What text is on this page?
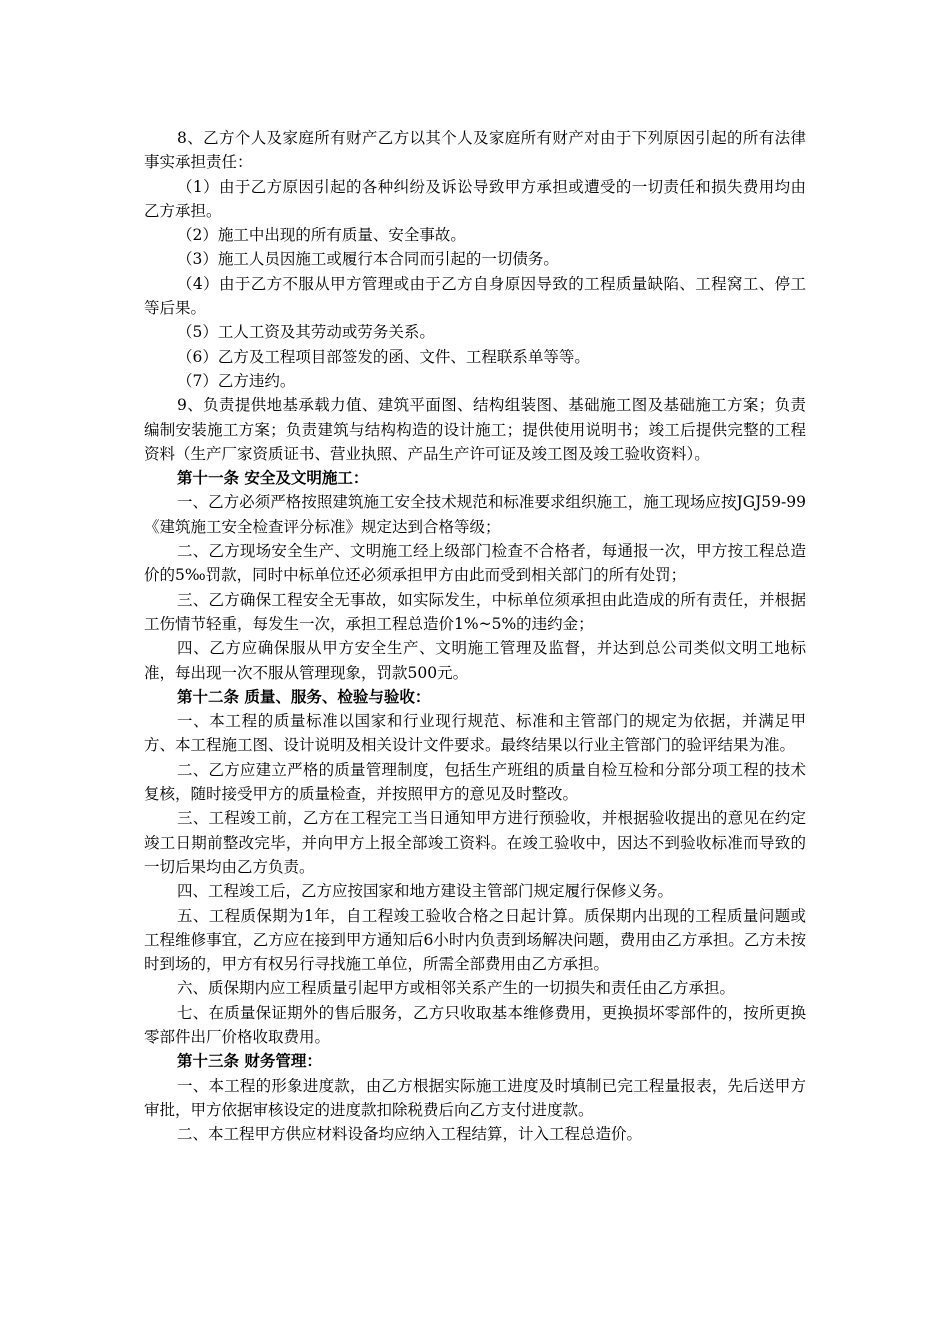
8、乙方个人及家庭所有财产乙方以其个人及家庭所有财产对由于下列原因引起的所有法律事实承担责任：

（1）由于乙方原因引起的各种纠纷及诉讼导致甲方承担或遭受的一切责任和损失费用均由乙方承担。

（2）施工中出现的所有质量、安全事故。

（3）施工人员因施工或履行本合同而引起的一切债务。

（4）由于乙方不服从甲方管理或由于乙方自身原因导致的工程质量缺陷、工程窝工、停工等后果。

（5）工人工资及其劳动或劳务关系。

（6）乙方及工程项目部签发的函、文件、工程联系单等等。

（7）乙方违约。

9、负责提供地基承载力值、建筑平面图、结构组装图、基础施工图及基础施工方案；负责编制安装施工方案；负责建筑与结构构造的设计施工；提供使用说明书；竣工后提供完整的工程资料（生产厂家资质证书、营业执照、产品生产许可证及竣工图及竣工验收资料）。

第十一条 安全及文明施工：

一、乙方必须严格按照建筑施工安全技术规范和标准要求组织施工，施工现场应按JGJ59-99《建筑施工安全检查评分标准》规定达到合格等级；

二、乙方现场安全生产、文明施工经上级部门检查不合格者，每通报一次，甲方按工程总造价的5‰罚款，同时中标单位还必须承担甲方由此而受到相关部门的所有处罚；

三、乙方确保工程安全无事故，如实际发生，中标单位须承担由此造成的所有责任，并根据工伤情节轻重，每发生一次，承担工程总造价1%~5%的违约金；

四、乙方应确保服从甲方安全生产、文明施工管理及监督，并达到总公司类似文明工地标准，每出现一次不服从管理现象，罚款500元。

第十二条 质量、服务、检验与验收：

一、本工程的质量标准以国家和行业现行规范、标准和主管部门的规定为依据，并满足甲方、本工程施工图、设计说明及相关设计文件要求。最终结果以行业主管部门的验评结果为准。

二、乙方应建立严格的质量管理制度，包括生产班组的质量自检互检和分部分项工程的技术复核，随时接受甲方的质量检查，并按照甲方的意见及时整改。

三、工程竣工前，乙方在工程完工当日通知甲方进行预验收，并根据验收提出的意见在约定竣工日期前整改完毕，并向甲方上报全部竣工资料。在竣工验收中，因达不到验收标准而导致的一切后果均由乙方负责。

四、工程竣工后，乙方应按国家和地方建设主管部门规定履行保修义务。

五、工程质保期为1年，自工程竣工验收合格之日起计算。质保期内出现的工程质量问题或工程维修事宜，乙方应在接到甲方通知后6小时内负责到场解决问题，费用由乙方承担。乙方未按时到场的，甲方有权另行寻找施工单位，所需全部费用由乙方承担。

六、质保期内应工程质量引起甲方或相邻关系产生的一切损失和责任由乙方承担。

七、在质量保证期外的售后服务，乙方只收取基本维修费用，更换损坏零部件的，按所更换零部件出厂价格收取费用。

第十三条 财务管理：

一、本工程的形象进度款，由乙方根据实际施工进度及时填制已完工程量报表，先后送甲方审批，甲方依据审核设定的进度款扣除税费后向乙方支付进度款。

二、本工程甲方供应材料设备均应纳入工程结算，计入工程总造价。
